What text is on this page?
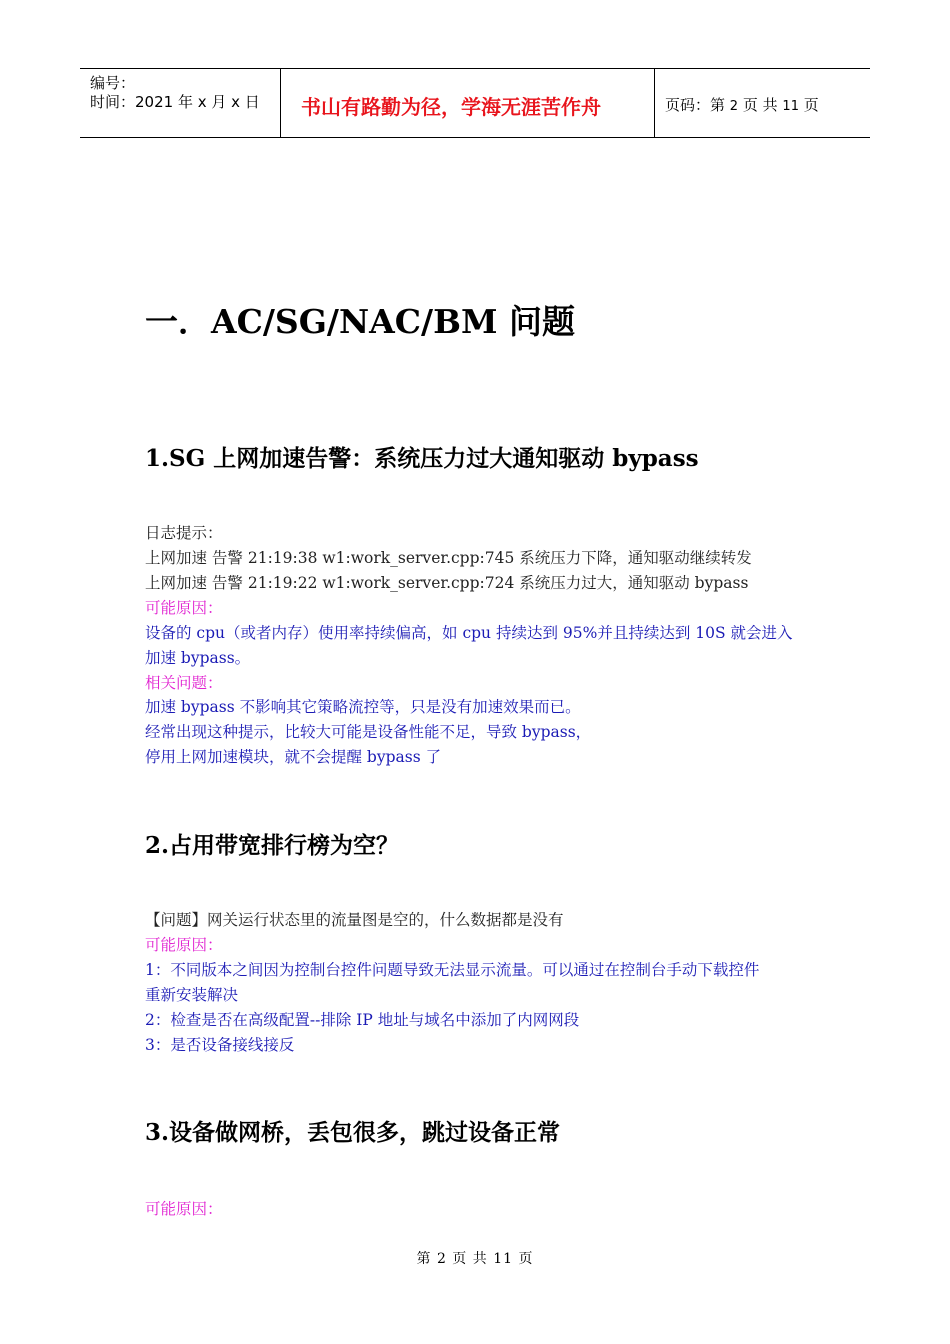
编号：
时间：2021 年 x 月 x 日 书山有路勤为径，学海无涯苦作舟	页码：第 2 页 共 11 页
一．AC/SG/NAC/BM 问题
1.SG 上网加速告警：系统压力过大通知驱动 bypass
日志提示：
上网加速 告警 21:19:38 w1:work_server.cpp:745 系统压力下降，通知驱动继续转发
上网加速 告警 21:19:22 w1:work_server.cpp:724 系统压力过大，通知驱动 bypass
可能原因：
设备的 cpu（或者内存）使用率持续偏高，如 cpu 持续达到 95%并且持续达到 10S 就会进入
加速 bypass。
相关问题：
加速 bypass 不影响其它策略流控等，只是没有加速效果而已。
经常出现这种提示，比较大可能是设备性能不足，导致 bypass，
停用上网加速模块，就不会提醒 bypass 了
2.占用带宽排行榜为空？
【问题】网关运行状态里的流量图是空的，什么数据都是没有
可能原因：
1：不同版本之间因为控制台控件问题导致无法显示流量。可以通过在控制台手动下载控件
重新安装解决
2：检查是否在高级配置--排除 IP 地址与域名中添加了内网网段
3：是否设备接线接反
3.设备做网桥，丢包很多，跳过设备正常
可能原因：
第 2 页 共 11 页
